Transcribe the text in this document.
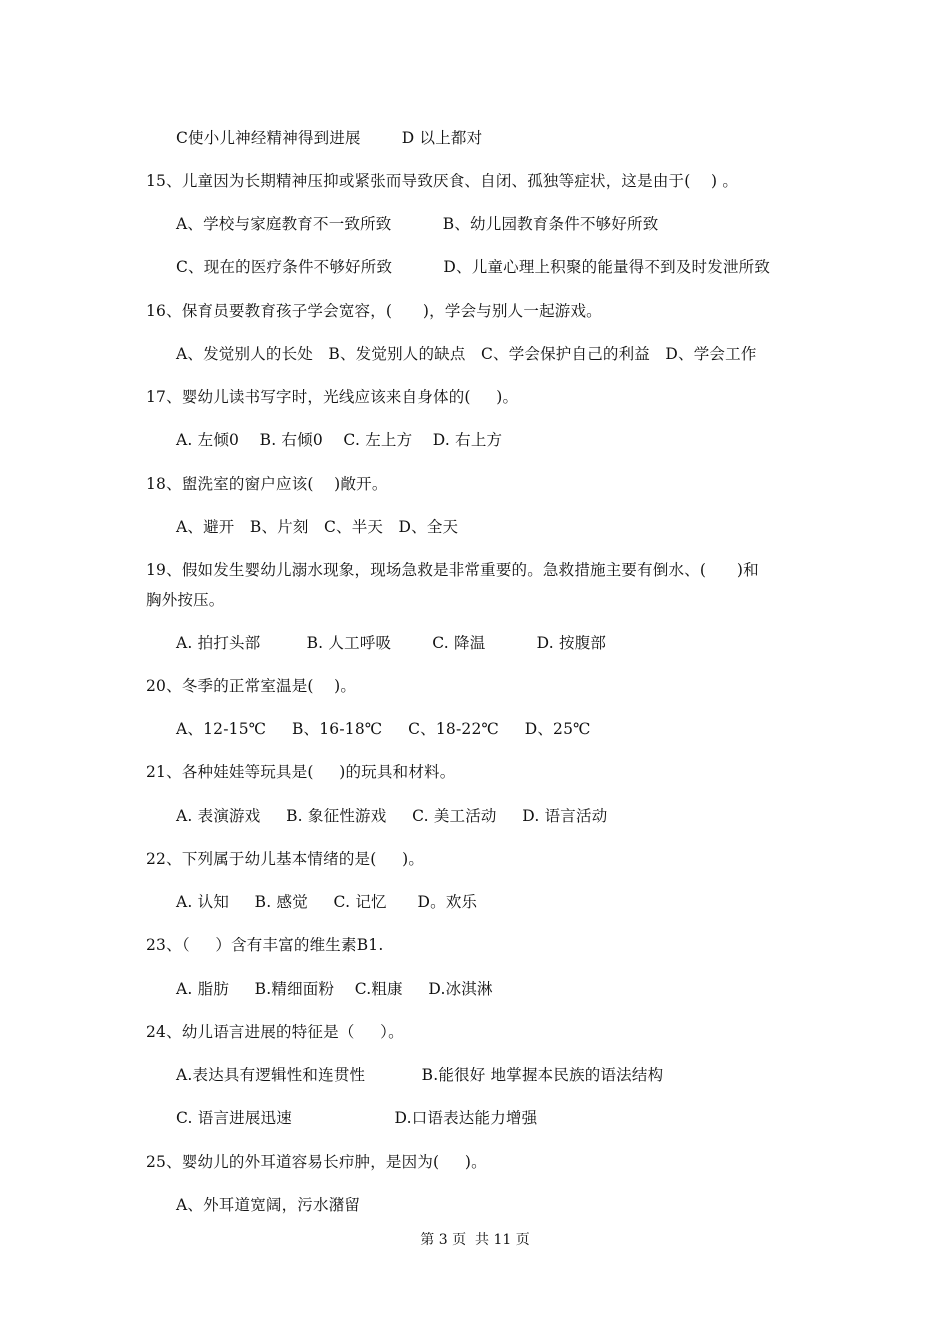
C使小儿神经精神得到进展        D 以上都对
15、儿童因为长期精神压抑或紧张而导致厌食、自闭、孤独等症状，这是由于(    ) 。
A、学校与家庭教育不一致所致          B、幼儿园教育条件不够好所致
C、现在的医疗条件不够好所致          D、儿童心理上积聚的能量得不到及时发泄所致
16、保育员要教育孩子学会宽容，(      )，学会与别人一起游戏。
A、发觉别人的长处   B、发觉别人的缺点   C、学会保护自己的利益   D、学会工作
17、婴幼儿读书写字时，光线应该来自身体的(     )。
A. 左倾0    B. 右倾0    C. 左上方    D. 右上方
18、盥洗室的窗户应该(    )敞开。
A、避开   B、片刻   C、半天   D、全天
19、假如发生婴幼儿溺水现象，现场急救是非常重要的。急救措施主要有倒水、(      )和
胸外按压。
A. 拍打头部         B. 人工呼吸        C. 降温          D. 按腹部
20、冬季的正常室温是(    )。
A、12-15℃     B、16-18℃     C、18-22℃     D、25℃
21、各种娃娃等玩具是(     )的玩具和材料。
A. 表演游戏     B. 象征性游戏     C. 美工活动     D. 语言活动
22、下列属于幼儿基本情绪的是(     )。
A. 认知     B. 感觉     C. 记忆      D。欢乐
23、（     ）含有丰富的维生素B1.
A. 脂肪     B.精细面粉    C.粗康     D.冰淇淋
24、幼儿语言进展的特征是（     ）。
A.表达具有逻辑性和连贯性           B.能很好 地掌握本民族的语法结构
C. 语言进展迅速                    D.口语表达能力增强
25、婴幼儿的外耳道容易长疖肿，是因为(     )。
A、外耳道宽阔，污水潴留
第 3 页  共 11 页
